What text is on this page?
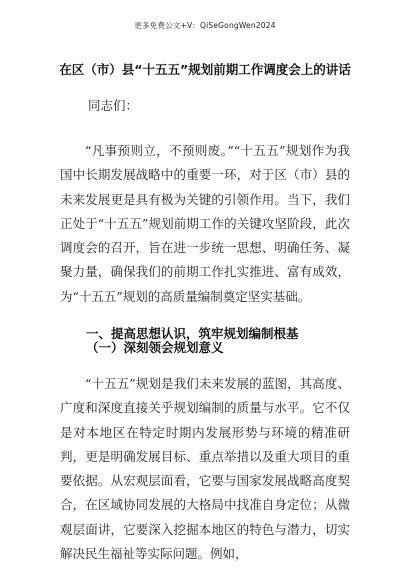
更多免费公文+V：QiSeGongWen2024
在区（市）县“十五五”规划前期工作调度会上的讲话
同志们：

“凡事预则立，不预则废。”“十五五”规划作为我国中长期发展战略中的重要一环，对于区（市）县的未来发展更是具有极为关键的引领作用。当下，我们正处于“十五五”规划前期工作的关键攻坚阶段，此次调度会的召开，旨在进一步统一思想、明确任务、凝聚力量，确保我们的前期工作扎实推进、富有成效，为“十五五”规划的高质量编制奠定坚实基础。

一、提高思想认识，筑牢规划编制根基
（一）深刻领会规划意义

“十五五”规划是我们未来发展的蓝图，其高度、广度和深度直接关乎规划编制的质量与水平。它不仅是对本地区在特定时期内发展形势与环境的精准研判，更是明确发展目标、重点举措以及重大项目的重要依据。从宏观层面看，它要与国家发展战略高度契合，在区域协同发展的大格局中找准自身定位；从微观层面讲，它要深入挖掘本地区的特色与潜力，切实解决民生福祉等实际问题。例如，
